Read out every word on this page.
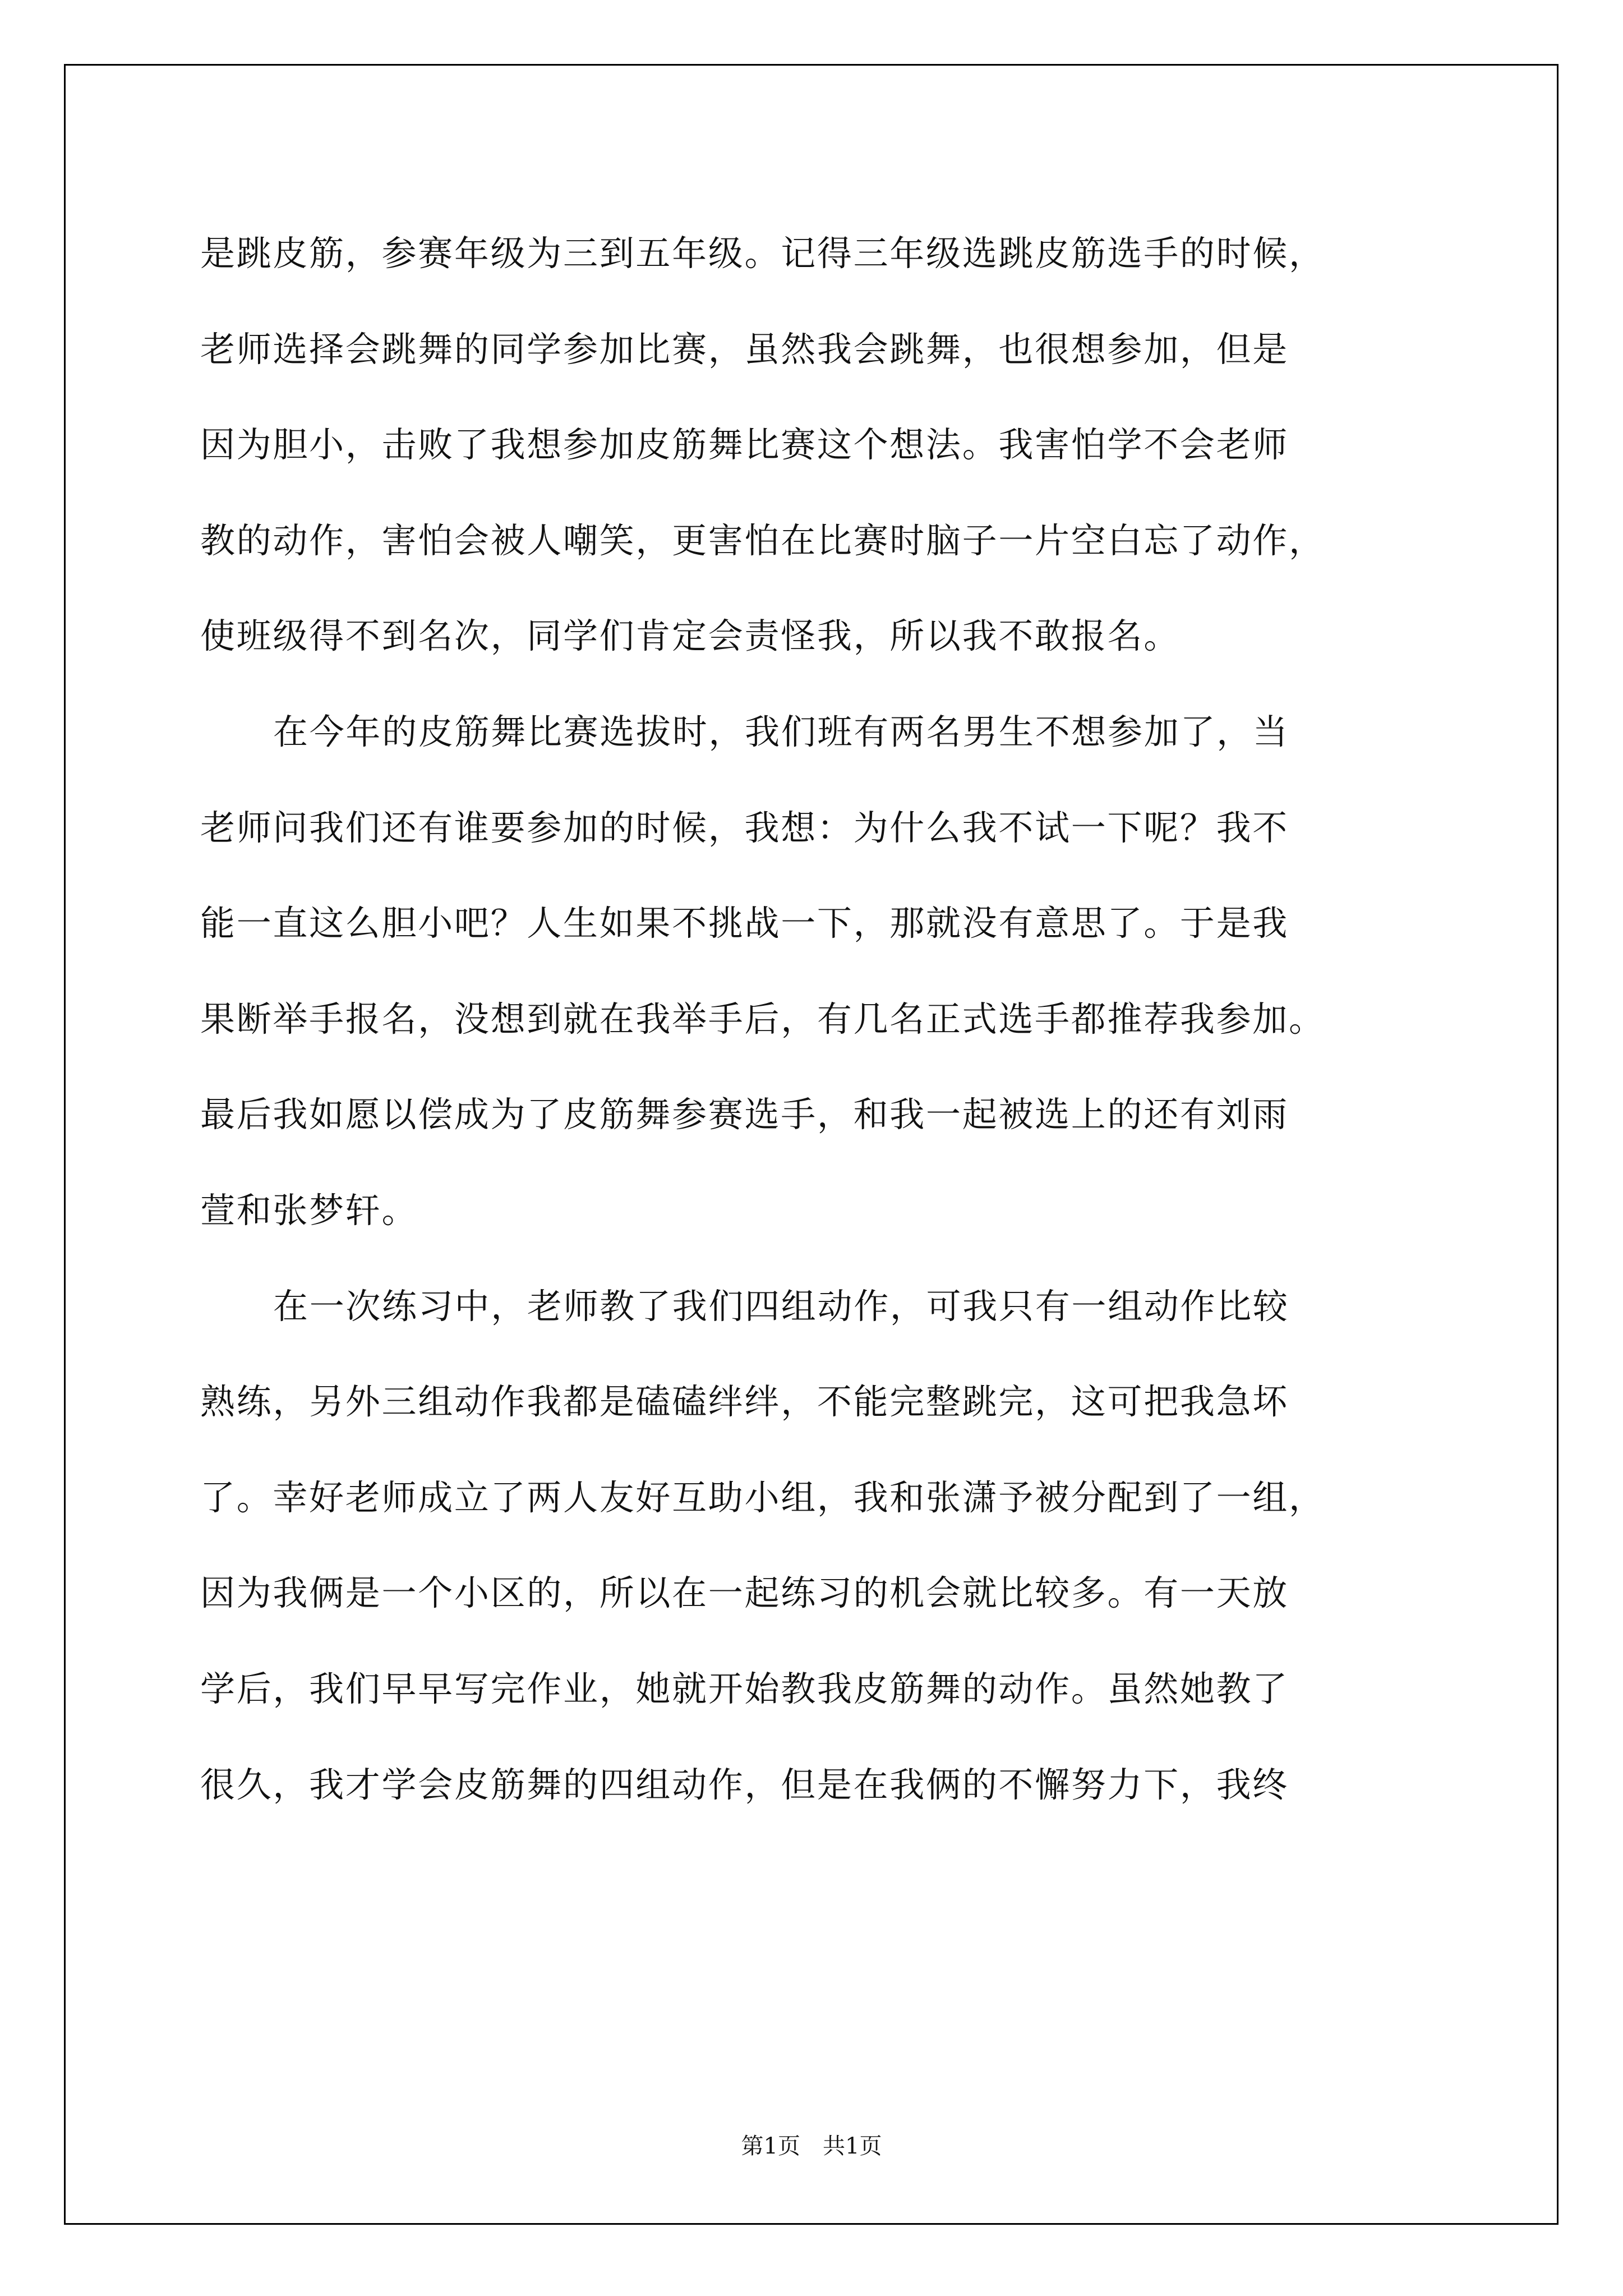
是跳皮筋，参赛年级为三到五年级。记得三年级选跳皮筋选手的时候，
老师选择会跳舞的同学参加比赛，虽然我会跳舞，也很想参加，但是
因为胆小，击败了我想参加皮筋舞比赛这个想法。我害怕学不会老师
教的动作，害怕会被人嘲笑，更害怕在比赛时脑子一片空白忘了动作，
使班级得不到名次，同学们肯定会责怪我，所以我不敢报名。
在今年的皮筋舞比赛选拔时，我们班有两名男生不想参加了，当
老师问我们还有谁要参加的时候，我想：为什么我不试一下呢？我不
能一直这么胆小吧？人生如果不挑战一下，那就没有意思了。于是我
果断举手报名，没想到就在我举手后，有几名正式选手都推荐我参加。
最后我如愿以偿成为了皮筋舞参赛选手，和我一起被选上的还有刘雨
萱和张梦轩。
在一次练习中，老师教了我们四组动作，可我只有一组动作比较
熟练，另外三组动作我都是磕磕绊绊，不能完整跳完，这可把我急坏
了。幸好老师成立了两人友好互助小组，我和张潇予被分配到了一组，
因为我俩是一个小区的，所以在一起练习的机会就比较多。有一天放
学后，我们早早写完作业，她就开始教我皮筋舞的动作。虽然她教了
很久，我才学会皮筋舞的四组动作，但是在我俩的不懈努力下，我终
第1页　共1页
